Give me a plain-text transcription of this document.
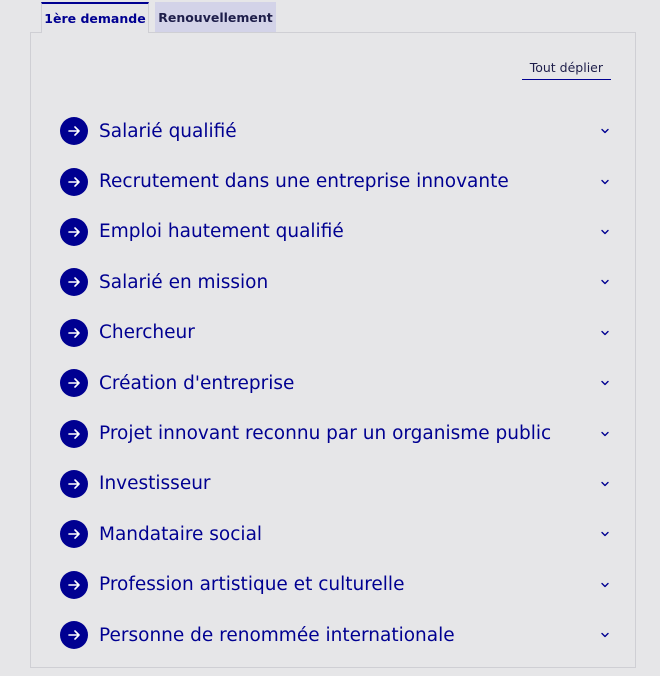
1ère demande Renouvellement
Tout déplier
Salarié qualifié
Recrutement dans une entreprise innovante
Emploi hautement qualifié
Salarié en mission
Chercheur
Création d'entreprise
Projet innovant reconnu par un organisme public
Investisseur
Mandataire social
Profession artistique et culturelle
Personne de renommée internationale
